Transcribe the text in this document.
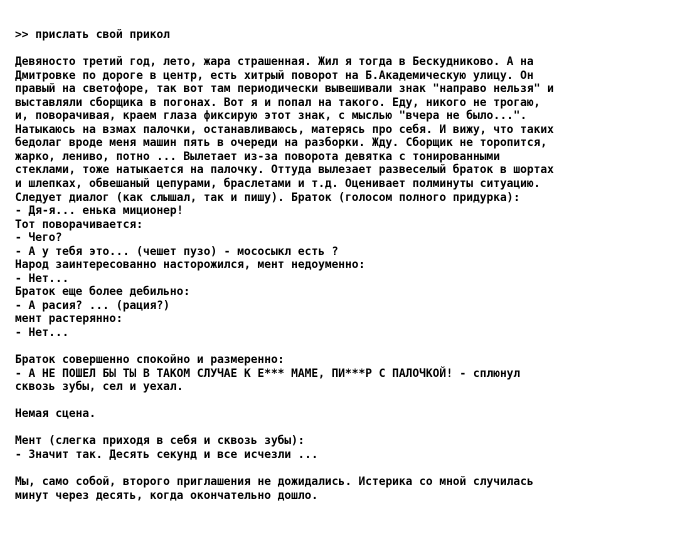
>> прислать свой прикол
Девяносто третий год, лето, жара страшенная. Жил я тогда в Бескудниково. А на
Дмитровке по дороге в центр, есть хитрый поворот на Б.Академическую улицу. Он
правый на светофоре, так вот там периодически вывешивали знак "направо нельзя" и
выставляли сборщика в погонах. Вот я и попал на такого. Еду, никого не трогаю,
и, поворачивая, краем глаза фиксирую этот знак, с мыслью "вчера не было...".
Натыкаюсь на взмах палочки, останавливаюсь, матерясь про себя. И вижу, что таких
бедолаг вроде меня машин пять в очереди на разборки. Жду. Сборщик не торопится,
жарко, лениво, потно ... Вылетает из-за поворота девятка с тонированными
стеклами, тоже натыкается на палочку. Оттуда вылезает развеселый браток в шортах
и шлепках, обвешаный цепурами, браслетами и т.д. Оценивает полминуты ситуацию.
Следует диалог (как слышал, так и пишу). Браток (голосом полного придурка):
- Дя-я... енька миционер!
Тот поворачивается:
- Чего?
- А у тебя это... (чешет пузо) - мососыкл есть ?
Народ заинтересованно насторожился, мент недоуменно:
- Нет...
Браток еще более дебильно:
- А расия? ... (рация?)
мент растерянно:
- Нет...
Браток совершенно спокойно и размеренно:
- А НЕ ПОШЕЛ БЫ ТЫ В ТАКОМ СЛУЧАЕ К Е*** МАМЕ, ПИ***Р С ПАЛОЧКОЙ! - сплюнул
сквозь зубы, сел и уехал.
Немая сцена.
Мент (слегка приходя в себя и сквозь зубы):
- Значит так. Десять секунд и все исчезли ...
Мы, само собой, второго приглашения не дожидались. Истерика со мной случилась
минут через десять, когда окончательно дошло.
